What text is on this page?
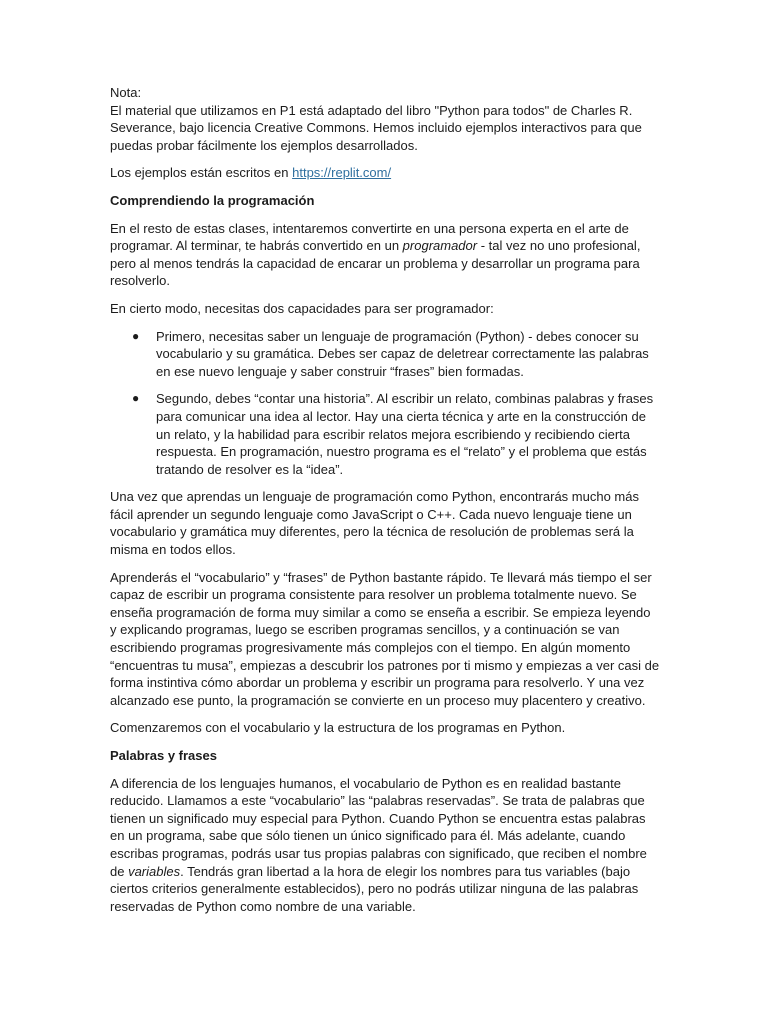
Nota:

El material que utilizamos en P1 está adaptado del libro "Python para todos" de Charles R. Severance, bajo licencia Creative Commons. Hemos incluido ejemplos interactivos para que puedas probar fácilmente los ejemplos desarrollados.

Los ejemplos están escritos en https://replit.com/

Comprendiendo la programación

En el resto de estas clases, intentaremos convertirte en una persona experta en el arte de programar. Al terminar, te habrás convertido en un programador - tal vez no uno profesional, pero al menos tendrás la capacidad de encarar un problema y desarrollar un programa para resolverlo.

En cierto modo, necesitas dos capacidades para ser programador:

● Primero, necesitas saber un lenguaje de programación (Python) - debes conocer su vocabulario y su gramática. Debes ser capaz de deletrear correctamente las palabras en ese nuevo lenguaje y saber construir “frases” bien formadas.
● Segundo, debes “contar una historia”. Al escribir un relato, combinas palabras y frases para comunicar una idea al lector. Hay una cierta técnica y arte en la construcción de un relato, y la habilidad para escribir relatos mejora escribiendo y recibiendo cierta respuesta. En programación, nuestro programa es el “relato” y el problema que estás tratando de resolver es la “idea”.

Una vez que aprendas un lenguaje de programación como Python, encontrarás mucho más fácil aprender un segundo lenguaje como JavaScript o C++. Cada nuevo lenguaje tiene un vocabulario y gramática muy diferentes, pero la técnica de resolución de problemas será la misma en todos ellos.

Aprenderás el “vocabulario” y “frases” de Python bastante rápido. Te llevará más tiempo el ser capaz de escribir un programa consistente para resolver un problema totalmente nuevo. Se enseña programación de forma muy similar a como se enseña a escribir. Se empieza leyendo y explicando programas, luego se escriben programas sencillos, y a continuación se van escribiendo programas progresivamente más complejos con el tiempo. En algún momento “encuentras tu musa”, empiezas a descubrir los patrones por ti mismo y empiezas a ver casi de forma instintiva cómo abordar un problema y escribir un programa para resolverlo. Y una vez alcanzado ese punto, la programación se convierte en un proceso muy placentero y creativo.

Comenzaremos con el vocabulario y la estructura de los programas en Python.

Palabras y frases

A diferencia de los lenguajes humanos, el vocabulario de Python es en realidad bastante reducido. Llamamos a este “vocabulario” las “palabras reservadas”. Se trata de palabras que tienen un significado muy especial para Python. Cuando Python se encuentra estas palabras en un programa, sabe que sólo tienen un único significado para él. Más adelante, cuando escribas programas, podrás usar tus propias palabras con significado, que reciben el nombre de variables. Tendrás gran libertad a la hora de elegir los nombres para tus variables (bajo ciertos criterios generalmente establecidos), pero no podrás utilizar ninguna de las palabras reservadas de Python como nombre de una variable.
